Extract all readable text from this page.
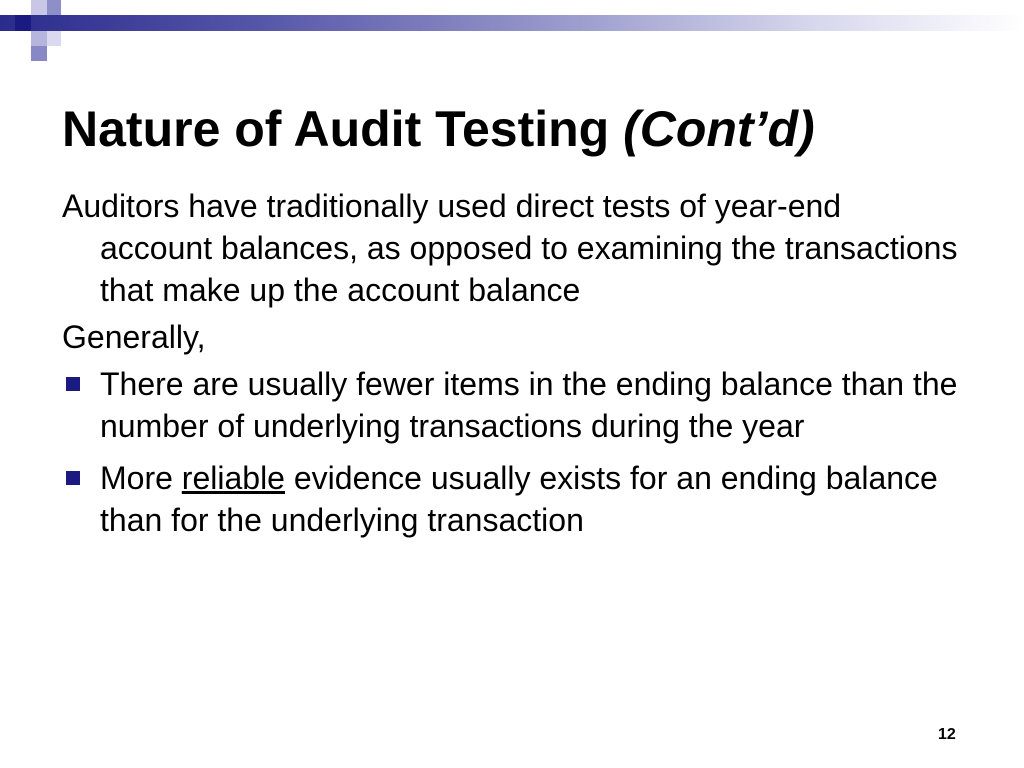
Nature of Audit Testing (Cont’d)

Auditors have traditionally used direct tests of year-end account balances, as opposed to examining the transactions that make up the account balance

Generally,

There are usually fewer items in the ending balance than the number of underlying transactions during the year
More reliable evidence usually exists for an ending balance than for the underlying transaction
12
